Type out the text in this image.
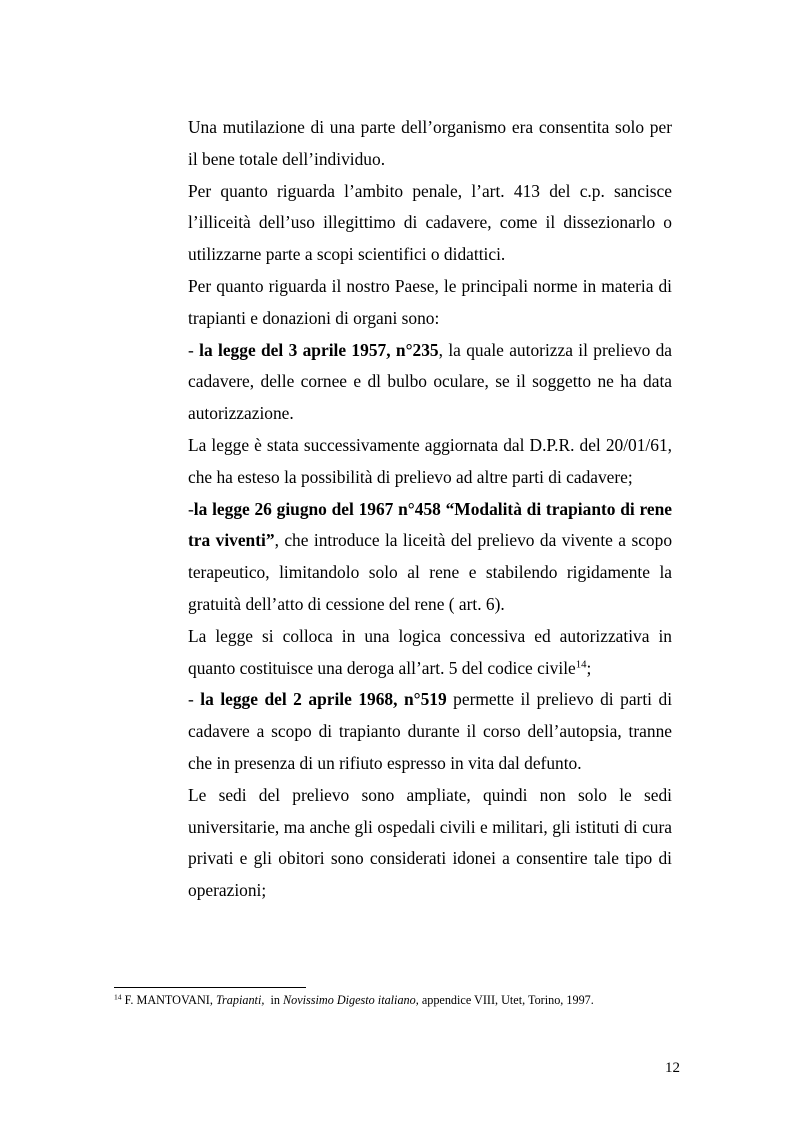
Una mutilazione di una parte dell’organismo era consentita solo per il bene totale dell’individuo.

Per quanto riguarda l’ambito penale, l’art. 413 del c.p. sancisce l’illiceità dell’uso illegittimo di cadavere, come il dissezionarlo o utilizzarne parte a scopi scientifici o didattici.

Per quanto riguarda il nostro Paese, le principali norme in materia di trapianti e donazioni di organi sono:

- la legge del 3 aprile 1957, n°235, la quale autorizza il prelievo da cadavere, delle cornee e dl bulbo oculare, se il soggetto ne ha data autorizzazione.

La legge è stata successivamente aggiornata dal D.P.R. del 20/01/61, che ha esteso la possibilità di prelievo ad altre parti di cadavere;

-la legge 26 giugno del 1967 n°458 “Modalità di trapianto di rene tra viventi”, che introduce la liceità del prelievo da vivente a scopo terapeutico, limitandolo solo al rene e stabilendo rigidamente la gratuità dell’atto di cessione del rene ( art. 6).

La legge si colloca in una logica concessiva ed autorizzativa in quanto costituisce una deroga all’art. 5 del codice civile$^{14}$;

- la legge del 2 aprile 1968, n°519 permette il prelievo di parti di cadavere a scopo di trapianto durante il corso dell’autopsia, tranne che in presenza di un rifiuto espresso in vita dal defunto.

Le sedi del prelievo sono ampliate, quindi non solo le sedi universitarie, ma anche gli ospedali civili e militari, gli istituti di cura privati e gli obitori sono considerati idonei a consentire tale tipo di operazioni;

$^{14}$ F. MANTOVANI, Trapianti,  in Novissimo Digesto italiano, appendice VIII, Utet, Torino, 1997.
12
